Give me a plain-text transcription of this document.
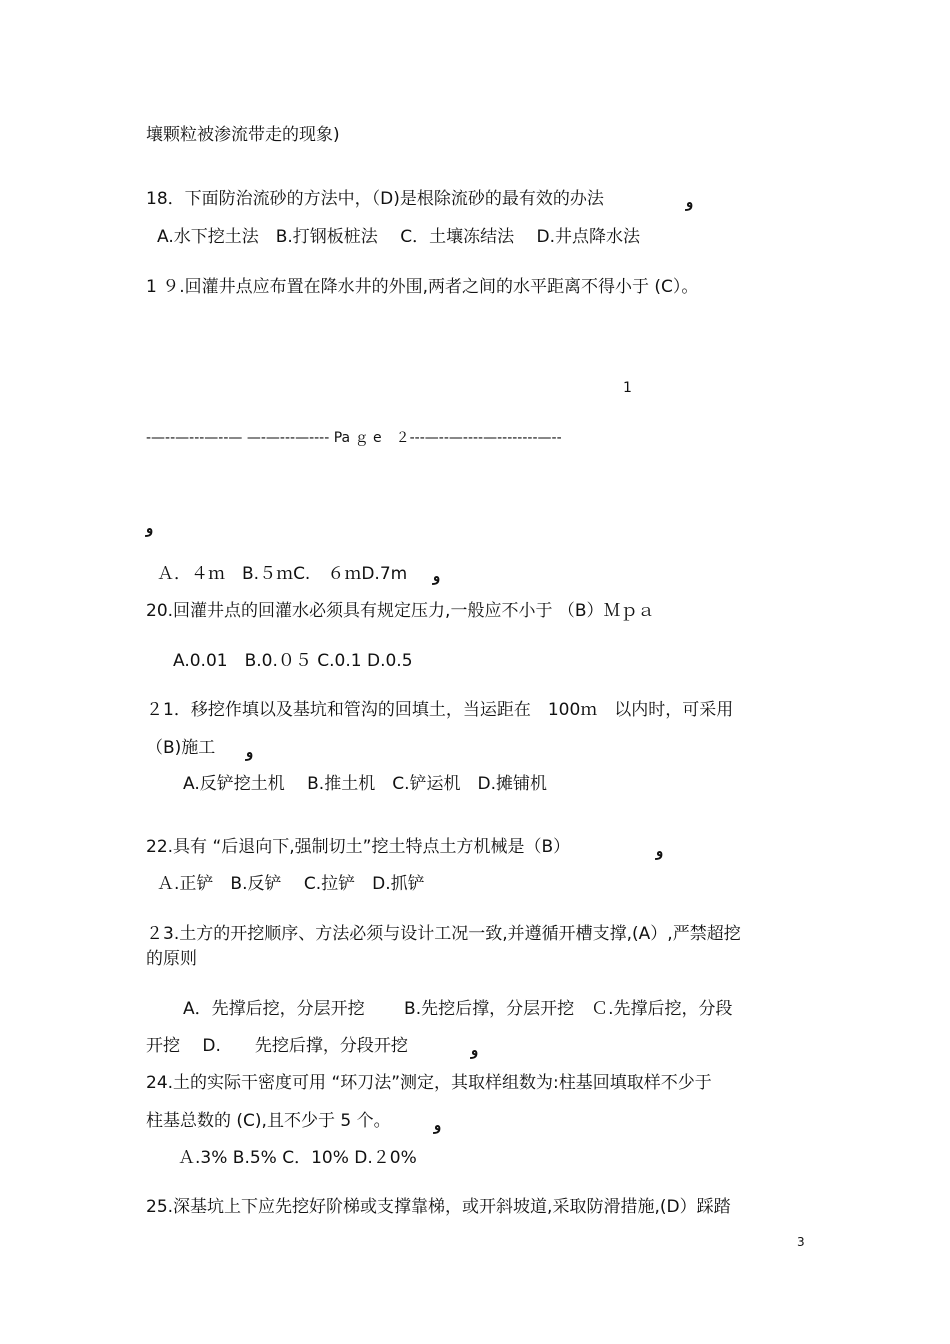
壤颗粒被渗流带走的现象)
18．下面防治流砂的方法中，（D)是根除流砂的最有效的办法	ﻭ
A.水下挖土法　B.打钢板桩法　 C．土壤冻结法　 D.井点降水法
1 ９.回灌井点应布置在降水井的外围,两者之间的水平距离不得小于 (C）。
1
-—--—---—--— —-—---—---- Pa ｇ e　２---—--—----—--------—--
ﻭ
Ａ．４ｍ　B.５ｍC.　６ｍD.7m ﻭ
20.回灌井点的回灌水必须具有规定压力,一般应不小于 （B）Ｍｐａ
A.0.01　B.0.０５ C.0.1 D.0.5
２1．移挖作填以及基坑和管沟的回填土，当运距在　100ｍ　以内时，可采用
（B)施工 ﻭ
A.反铲挖土机　 B.推土机　C.铲运机　D.摊铺机
22.具有 “后退向下,强制切土”挖土特点土方机械是（B）	ﻭ
Ａ.正铲　B.反铲　 C.拉铲　D.抓铲
２3.土方的开挖顺序、方法必须与设计工况一致,并遵循开槽支撑,(A）,严禁超挖
的原则
A．先撑后挖，分层开挖　　 B.先挖后撑，分层开挖　Ｃ.先撑后挖，分段
开挖　 D.　　先挖后撑，分段开挖	ﻭ
24.土的实际干密度可用 “环刀法”测定，其取样组数为:柱基回填取样不少于
柱基总数的 (C),且不少于 5 个。	ﻭ
Ａ.3% B.5% C．10% D.２0%
25.深基坑上下应先挖好阶梯或支撑靠梯，或开斜坡道,采取防滑措施,(D）踩踏
3
